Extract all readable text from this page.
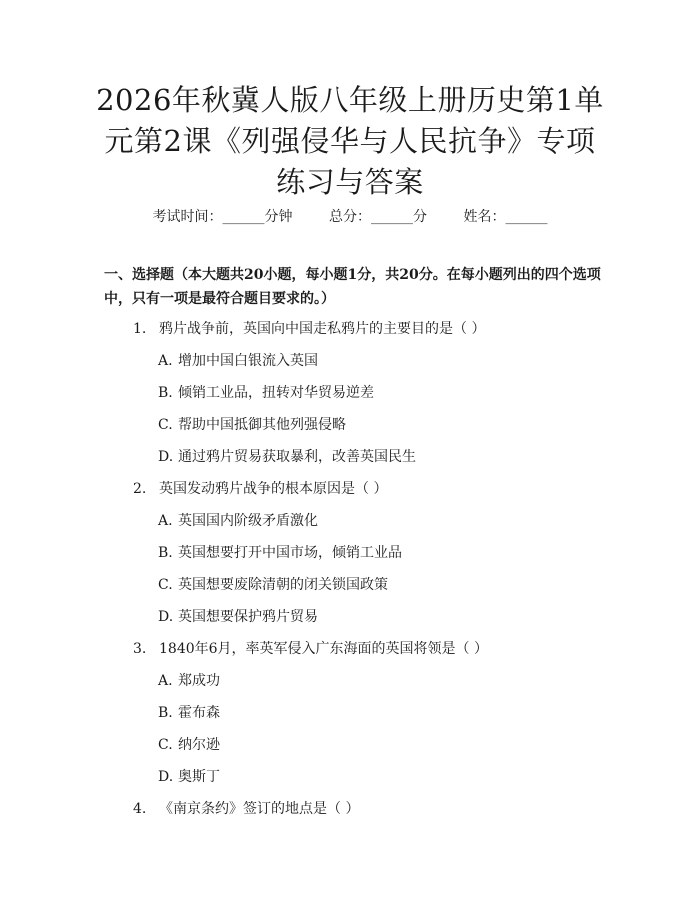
2026年秋冀人版八年级上册历史第1单元第2课《列强侵华与人民抗争》专项练习与答案
考试时间：______分钟	总分：______分	姓名：______
一、选择题（本大题共20小题，每小题1分，共20分。在每小题列出的四个选项中，只有一项是最符合题目要求的。）
1. 鸦片战争前，英国向中国走私鸦片的主要目的是（ ）
A. 增加中国白银流入英国
B. 倾销工业品，扭转对华贸易逆差
C. 帮助中国抵御其他列强侵略
D. 通过鸦片贸易获取暴利，改善英国民生
2. 英国发动鸦片战争的根本原因是（ ）
A. 英国国内阶级矛盾激化
B. 英国想要打开中国市场，倾销工业品
C. 英国想要废除清朝的闭关锁国政策
D. 英国想要保护鸦片贸易
3. 1840年6月，率英军侵入广东海面的英国将领是（ ）
A. 郑成功
B. 霍布森
C. 纳尔逊
D. 奥斯丁
4. 《南京条约》签订的地点是（ ）
